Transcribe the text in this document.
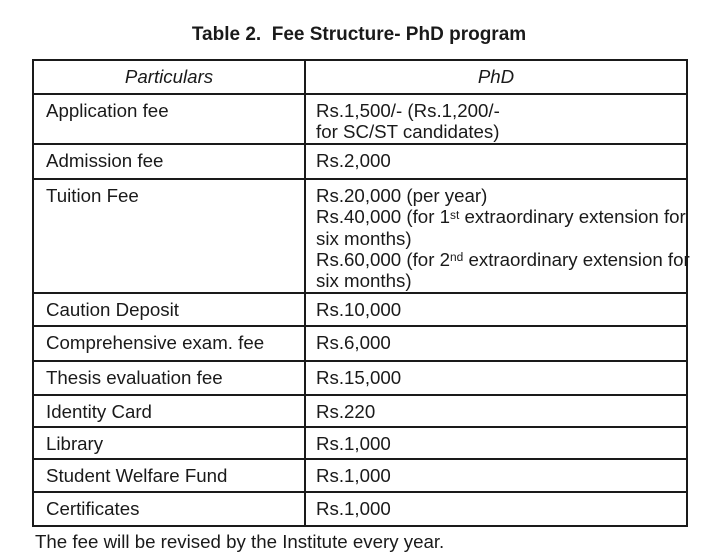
Table 2.  Fee Structure- PhD program
Particulars	PhD
Application fee	Rs.1,500/- (Rs.1,200/-
for SC/ST candidates)

Admission fee	Rs.2,000

Tuition Fee	Rs.20,000 (per year)
Rs.40,000 (for 1st extraordinary extension for
six months)
Rs.60,000 (for 2nd extraordinary extension for
six months)

Caution Deposit	Rs.10,000

Comprehensive exam. fee	Rs.6,000

Thesis evaluation fee	Rs.15,000

Identity Card	Rs.220

Library	Rs.1,000

Student Welfare Fund	Rs.1,000

Certificates	Rs.1,000
The fee will be revised by the Institute every year.
